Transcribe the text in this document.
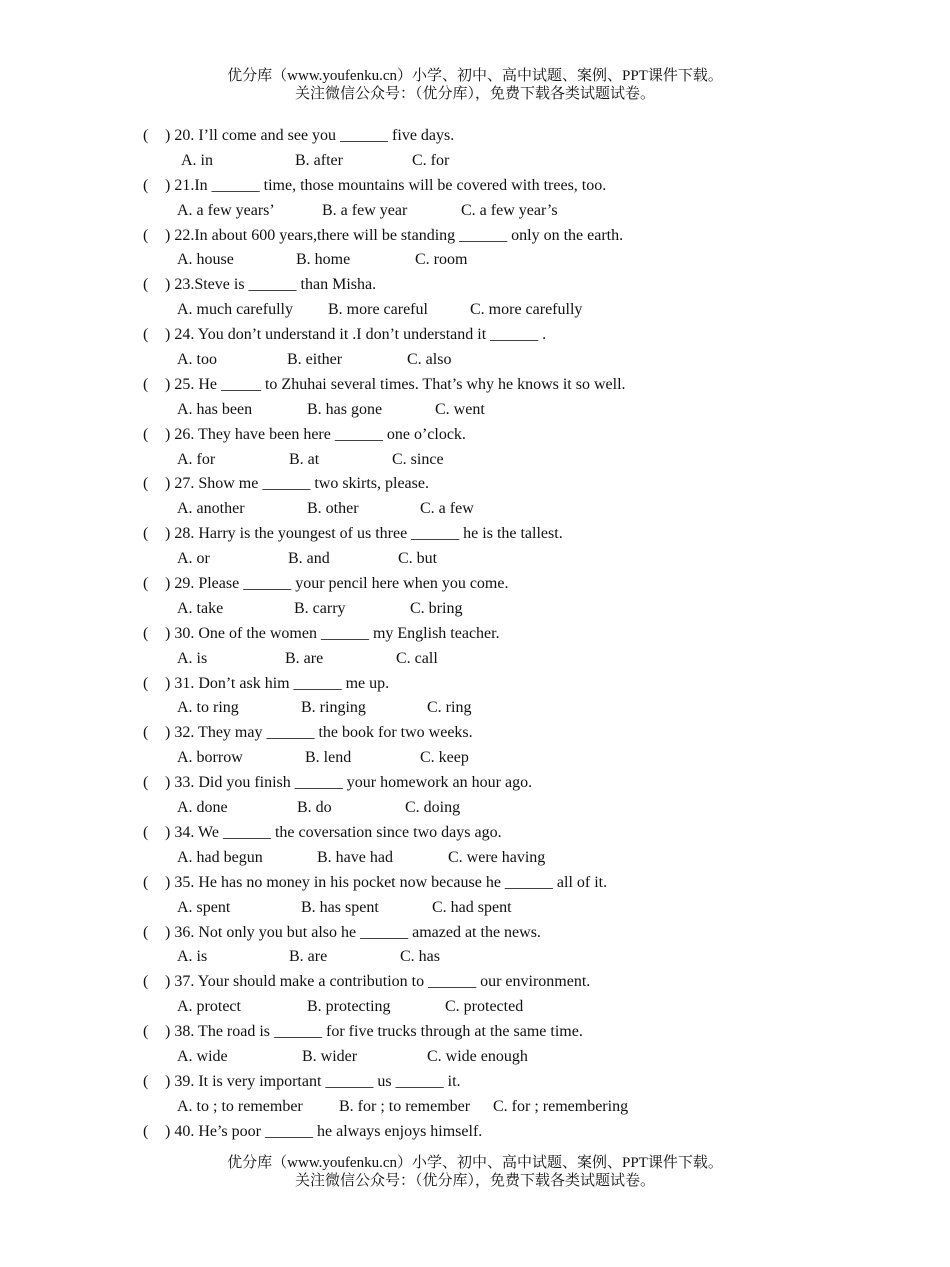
优分库（www.youfenku.cn）小学、初中、高中试题、案例、PPT课件下载。
关注微信公众号：（优分库），免费下载各类试题试卷。
( ) 20. I’ll come and see you ______ five days.
A. in	B. after	C. for
( ) 21.In ______ time, those mountains will be covered with trees, too.
A. a few years’	B. a few year	C. a few year’s
( ) 22.In about 600 years,there will be standing ______ only on the earth.
A. house	B. home	C. room
( ) 23.Steve is ______ than Misha.
A. much carefully B. more careful	C. more carefully
( ) 24. You don’t understand it .I don’t understand it ______ .
A. too	B. either	C. also
( ) 25. He _____ to Zhuhai several times. That’s why he knows it so well.
A. has been	B. has gone	C. went
( ) 26. They have been here ______ one o’clock.
A. for	B. at	C. since
( ) 27. Show me ______ two skirts, please.
A. another	B. other	C. a few
( ) 28. Harry is the youngest of us three ______ he is the tallest.
A. or	B. and	C. but
( ) 29. Please ______ your pencil here when you come.
A. take	B. carry	C. bring
( ) 30. One of the women ______ my English teacher.
A. is	B. are	C. call
( ) 31. Don’t ask him ______ me up.
A. to ring	B. ringing	C. ring
( ) 32. They may ______ the book for two weeks.
A. borrow	B. lend	C. keep
( ) 33. Did you finish ______ your homework an hour ago.
A. done	B. do	C. doing
( ) 34. We ______ the coversation since two days ago.
A. had begun	B. have had	C. were having
( ) 35. He has no money in his pocket now because he ______ all of it.
A. spent	B. has spent	C. had spent
( ) 36. Not only you but also he ______ amazed at the news.
A. is	B. are	C. has
( ) 37. Your should make a contribution to ______ our environment.
A. protect	B. protecting	C. protected
( ) 38. The road is ______ for five trucks through at the same time.
A. wide	B. wider	C. wide enough
( ) 39. It is very important ______ us ______ it.
A. to ; to remember B. for ; to remember C. for ; remembering
( ) 40. He’s poor ______ he always enjoys himself.
优分库（www.youfenku.cn）小学、初中、高中试题、案例、PPT课件下载。
关注微信公众号：（优分库），免费下载各类试题试卷。
